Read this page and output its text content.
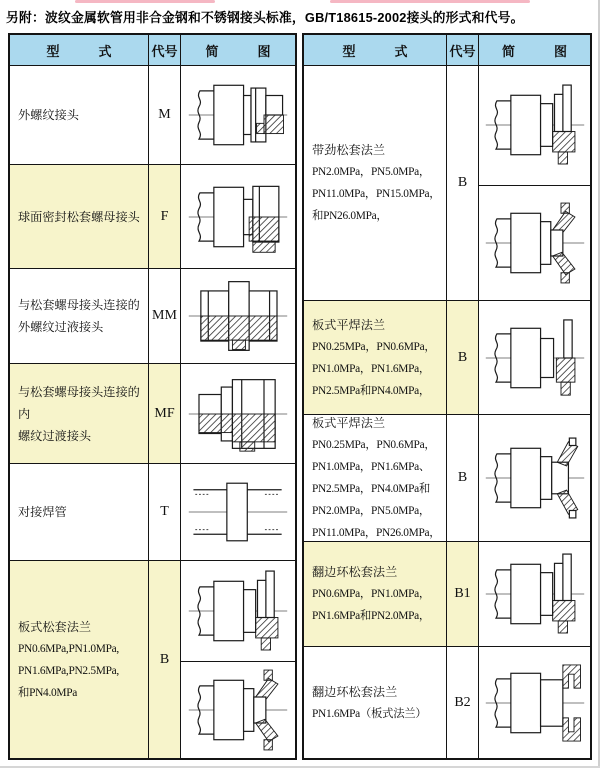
另附：波纹金属软管用非合金钢和不锈钢接头标准，GB/T18615-2002接头的形式和代号。
型　　　式	代号	简　　　图
外螺纹接头	M
球面密封松套螺母接头	F
与松套螺母接头连接的
外螺纹过液接头
MM
与松套螺母接头连接的内
螺纹过渡接头
MF
对接焊管	T
板式松套法兰
PN0.6MPa,PN1.0MPa,
PN1.6MPa,PN2.5MPa,
和PN4.0MPa
B
型　　　式	代号	简　　　图
带劲松套法兰
PN2.0MPa，PN5.0MPa，
PN11.0MPa，PN15.0MPa，
和PN26.0MPa，
B
板式平焊法兰
PN0.25MPa，PN0.6MPa，
PN1.0MPa，PN1.6MPa，
PN2.5MPa和PN4.0MPa，
B
板式平焊法兰
PN0.25MPa，PN0.6MPa，
PN1.0MPa，PN1.6MPa、
PN2.5MPa，PN4.0MPa和
PN2.0MPa，PN5.0MPa，
PN11.0MPa，PN26.0MPa，
B
翻边环松套法兰
PN0.6MPa，PN1.0MPa，
PN1.6MPa和PN2.0MPa，
B1
翻边环松套法兰
PN1.6MPa（板式法兰）
B2
